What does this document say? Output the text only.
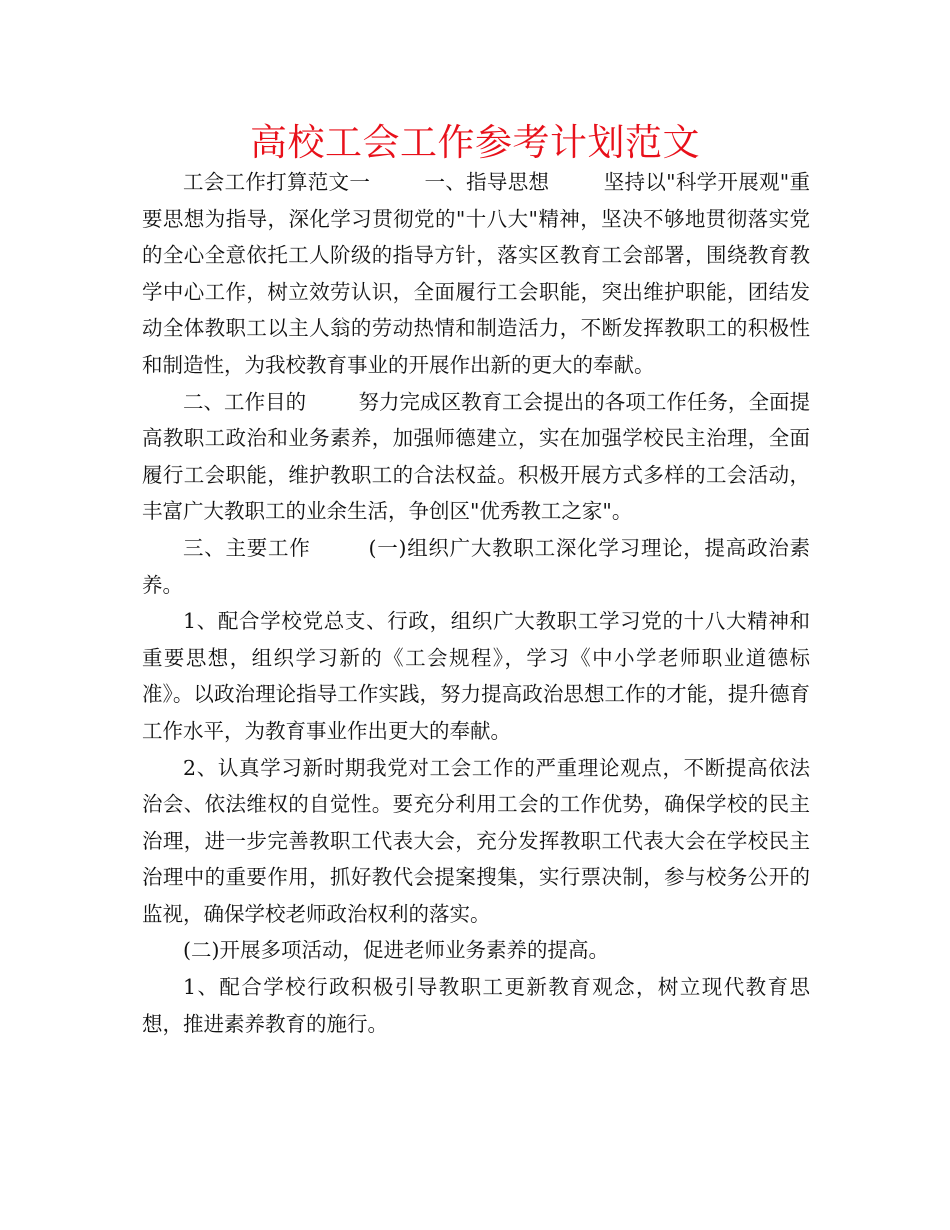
高校工会工作参考计划范文

工会工作打算范文一        一、指导思想        坚持以"科学开展观"重要思想为指导，深化学习贯彻党的"十八大"精神，坚决不够地贯彻落实党的全心全意依托工人阶级的指导方针，落实区教育工会部署，围绕教育教学中心工作，树立效劳认识，全面履行工会职能，突出维护职能，团结发动全体教职工以主人翁的劳动热情和制造活力，不断发挥教职工的积极性和制造性，为我校教育事业的开展作出新的更大的奉献。

二、工作目的        努力完成区教育工会提出的各项工作任务，全面提高教职工政治和业务素养，加强师德建立，实在加强学校民主治理，全面履行工会职能，维护教职工的合法权益。积极开展方式多样的工会活动，丰富广大教职工的业余生活，争创区"优秀教工之家"。

三、主要工作        (一)组织广大教职工深化学习理论，提高政治素养。

1、配合学校党总支、行政，组织广大教职工学习党的十八大精神和重要思想，组织学习新的《工会规程》，学习《中小学老师职业道德标准》。以政治理论指导工作实践，努力提高政治思想工作的才能，提升德育工作水平，为教育事业作出更大的奉献。

2、认真学习新时期我党对工会工作的严重理论观点，不断提高依法治会、依法维权的自觉性。要充分利用工会的工作优势，确保学校的民主治理，进一步完善教职工代表大会，充分发挥教职工代表大会在学校民主治理中的重要作用，抓好教代会提案搜集，实行票决制，参与校务公开的监视，确保学校老师政治权利的落实。

(二)开展多项活动，促进老师业务素养的提高。

1、配合学校行政积极引导教职工更新教育观念，树立现代教育思想，推进素养教育的施行。
